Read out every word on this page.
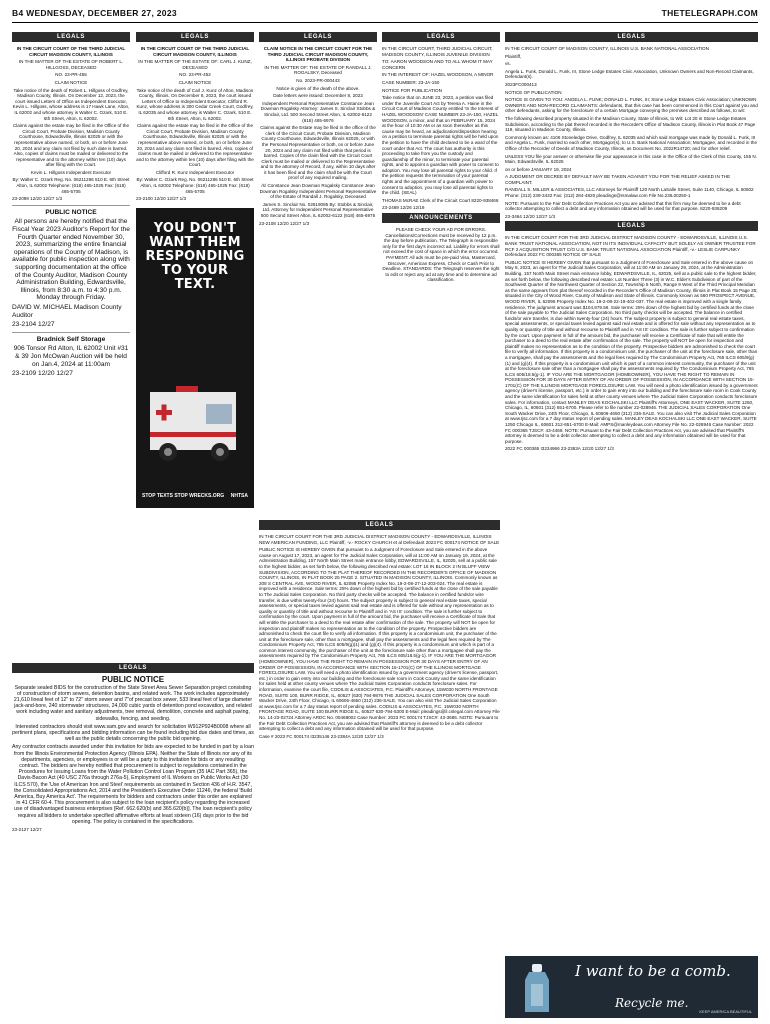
B4 WEDNESDAY, DECEMBER 27, 2023	THETELEGRAPH.COM
LEGALS

IN THE CIRCUIT COURT OF THE THIRD JUDICIAL CIRCUIT MADISON COUNTY, ILLINOIS

IN THE MATTER OF THE ESTATE OF ROBERT L. HILLGOSS, DECEASED

NO. 23-PR-455

CLAIM NOTICE

Take notice of the death of Robert L. Hillgoss of Godfrey, Madison County, Illinois. On December 12, 2023, the court issued Letters of Office as Independent Executor, Kevin L. Hillgoss, whose address is 17 Hawk Lane, Alton, IL 62002 and whose attorney is Walter C. Ozark, 510 E. 6th Street, Alton, IL 62002.

Claims against the estate may be filed in the Office of the Circuit Court, Probate Division, Madison County Courthouse, Edwardsville, Illinois 62025 or with the representative above named, or both, on or before June 20, 2024 and any claim not filed by such date is barred. Also, copies of claims must be mailed or delivered to the representative and to the attorney within ten (10) days after filing with the Court.

Kevin L. Hillgoss Independent Executor

By: Walter C. Ozark Reg. No. 06211286 510 E. 6th Street Alton, IL 62002 Telephone: (618) 465-1025 Fax: (618) 465-5705

23-2099 12/20 12/27 1/3

PUBLIC NOTICE

All persons are hereby notified that the Fiscal Year 2023 Auditor's Report for the Fourth Quarter ended November 30, 2023, summarizing the entire financial operations of the County of Madison, is available for public inspection along with supporting documentation at the office of the County Auditor, Madison County Administration Building, Edwardsville, Illinois, from 8:30 a.m. to 4:30 p.m. Monday through Friday.

DAVID W. MICHAEL Madison County Auditor

23-2104 12/27

Bradnick Self Storage

906 Tonsor Rd Alton, IL 62002 Unit #31 & 39 Jon McOwan Auction will be held on Jan.4, 2024 at 11:00am

23-2109 12/20 12/27

LEGALS

IN THE CIRCUIT COURT OF THE THIRD JUDICIAL CIRCUIT MADISON COUNTY, ILLINOIS

IN THE MATTER OF THE ESTATE OF: CARL J. KUNZ, DECEASED

NO. 23-PR-452

CLAIM NOTICE

Take notice of the death of Carl J. Kunz of Alton, Madison County, Illinois. On December 8, 2023, the court issued Letters of Office to Independent Executor, Clifford R. Kunz, whose address is 300 Cedar Creek Court, Godfrey, IL 62035 and whose attorney is Walter C. Ozark, 510 E. 6th Street, Alton, IL 62002.

Claims against the estate may be filed in the Office of the Circuit Court, Probate Division, Madison County Courthouse, Edwardsville, Illinois 62025 or with the representative above named, or both, on or before June 20, 2024 and any claim not filed is barred. Also, copies of claims must be mailed or delivered to the representative and to the attorney within ten (10) days after filing with the Court.

Clifford R. Kunz Independent Executor

By: Walter C. Ozark Reg. No. 06211286 510 E. 6th Street Alton, IL 62002 Telephone: (618) 465-1025 Fax: (618) 465-5705

23-2100 12/20 12/27 1/3

YOU DON'T WANT THEM RESPONDING TO YOUR TEXT.
STOP TEXTS STOP WRECKS.ORG NHTSA
LEGALS

CLAIM NOTICE IN THE CIRCUIT COURT FOR THE THIRD JUDICIAL CIRCUIT MADISON COUNTY, ILLINOIS PROBATE DIVISION

IN THE MATTER OF: THE ESTATE OF RANDALL J. ROGALSKY, Deceased

No. 2023-PR-000443

Notice is given of the death of the above.

Date letters were issued: December 8, 2023

Independent Personal Representative Constance Jean Dowman Rogalsky Attorney: James S. Sinclair Stobbs & Sinclair, Ltd. 500 Second Street Alton, IL 62002-6122 (618) 465-6976

Claims against the Estate may be filed in the office of the clerk of the Circuit Court, Probate Division, Madison County Courthouse, Edwardsville, Illinois 62025, or with the Personal Representative or both, on or before June 20, 2024 and any claim not filed within that period is barred. Copies of the claim filed with the Circuit Court Clerk must be mailed or delivered to the Representative and to the attorney of Record, if any, within 10 days after it has been filed and the claim shall be with the Court proof of any required mailing.

/s/ Constance Jean Dowman Rogalsky Constance Jean Dowman Rogalsky Independent Personal Representative of the Estate of Randall J. Rogalsky, Deceased

James S. Sinclair No. 02619085 By: Stobbs & Sinclair, Ltd. Attorney for Independent Personal Representative 500 Second Street Alton, IL 62002-6122 (618) 465-6976

23-2108 12/20 12/27 1/3

LEGALS

IN THE CIRCUIT COURT, THIRD JUDICIAL CIRCUIT, MADISON COUNTY, ILLINOIS JUVENILE DIVISION

TO: AARON WOODSON AND TO ALL WHOM IT MAY CONCERN

IN THE INTEREST OF: HAZEL WOODSON, A MINOR

CASE NUMBER: 23-JA-150

NOTICE FOR PUBLICATION

Take notice that on JUNE 23, 2023, a petition was filed under the Juvenile Court Act by Teresa A. Haine in the Circuit Court of Madison County entitled 'In the Interest of HAZEL WOODSON' CASE NUMBER 23-JA-150, HAZEL WOODSON, a minor, and that on FEBRUARY 15, 2024 at the hour of 10:30 AM or as soon thereafter as this cause may be heard, an adjudication/disposition hearing on a petition to terminate parental rights will be held upon the petition to have the child declared to be a ward of the court under that Act. The court has authority in this proceeding to take from you the custody and guardianship of the minor, to terminate your parental rights, and to appoint a guardian with power to consent to adoption. You may lose all parental rights to your child. If the petition requests the termination of your parental rights and the appointment of a guardian with power to consent to adoption, you may lose all parental rights to the child. (SEAL)

THOMAS McRAE Clerk of the Circuit Court 8220-938466

23-2469 12/26 12/19

ANNOUNCEMENTS

PLEASE CHECK YOUR AD FOR ERRORS. Cancellations/Corrections must be received by 12 p.m. the day before publication. The Telegraph is responsible only for the first day's incorrect ad. Liability for errors shall not exceed the cost of space in which the error occurred. PAYMENT: All ads must be pre-paid Visa, Mastercard, Discover, American Express, Check or Cash Prior to Deadline. STANDARDS: The Telegraph reserves the right to edit or reject any ad at any time and to determine ad classification.

LEGALS

IN THE CIRCUIT COURT FOR THE 3RD JUDICIAL DISTRICT MADISON COUNTY - EDWARDSVILLE, ILLINOIS NEW AMERICAN FUNDING, LLC Plaintiff, -v.- ROCKY CHURCH et al Defendant 2023 FC 000174 NOTICE OF SALE

PUBLIC NOTICE IS HEREBY GIVEN that pursuant to a Judgment of Foreclosure and Sale entered in the above cause on August 17, 2023, an agent for The Judicial Sales Corporation, will at 11:00 AM on January 19, 2024, at the Administration Building, 157 North Main Street main entrance lobby, EDWARDSVILLE, IL, 62025, sell at a public sale to the highest bidder, as set forth below, the following described real estate: LOT 16 IN BLOCK 2 IN BLUFF VIEW SUBDIVISION, ACCORDING TO THE PLAT THEREOF RECORDED IN THE RECORDER'S OFFICE OF MADISON COUNTY, ILLINOIS, IN PLAT BOOK 25 PAGE 2. SITUATED IN MADISON COUNTY, ILLINOIS. Commonly known as 208 S CENTRAL AVE, WOOD RIVER, IL 62095 Property Index No. 19-2-08-27-12-203-024. The real estate is improved with a residence. Sale terms: 25% down of the highest bid by certified funds at the close of the sale payable to The Judicial Sales Corporation. No third party checks will be accepted. The balance in certified funds/or wire transfer, is due within twenty-four (24) hours. The subject property is subject to general real estate taxes, special assessments, or special taxes levied against said real estate and is offered for sale without any representation as to quality or quantity of title and without recourse to Plaintiff and in 'AS IS' condition. The sale is further subject to confirmation by the court. Upon payment in full of the amount bid, the purchaser will receive a Certificate of Sale that will entitle the purchaser to a deed to the real estate after confirmation of the sale. The property will NOT be open for inspection and plaintiff makes no representation as to the condition of the property. Prospective bidders are admonished to check the court file to verify all information. If this property is a condominium unit, the purchaser of the unit at the foreclosure sale, other than a mortgagee, shall pay the assessments and the legal fees required by The Condominium Property Act, 765 ILCS 605/9(g)(1) and (g)(4). If this property is a condominium unit which is part of a common interest community, the purchaser of the unit at the foreclosure sale other than a mortgagee shall pay the assessments required by The Condominium Property Act, 765 ILCS 605/18.5(g-1). IF YOU ARE THE MORTGAGOR (HOMEOWNER), YOU HAVE THE RIGHT TO REMAIN IN POSSESSION FOR 30 DAYS AFTER ENTRY OF AN ORDER OF POSSESSION, IN ACCORDANCE WITH SECTION 15-1701(C) OF THE ILLINOIS MORTGAGE FORECLOSURE LAW. You will need a photo identification issued by a government agency (driver's license, passport, etc.) in order to gain entry into our building and the foreclosure sale room in Cook County and the same identification for sales held at other county venues where The Judicial Sales Corporation conducts foreclosure sales. For information, examine the court file, CODILIS & ASSOCIATES, P.C. Plaintiff's Attorneys, 15W030 NORTH FRONTAGE ROAD, SUITE 100, BURR RIDGE, IL, 60527 (630) 794-9876 THE JUDICIAL SALES CORPORATION One South Wacker Drive, 24th Floor, Chicago, IL 60606-4650 (312) 236-SALE. You can also visit The Judicial Sales Corporation at www.tjsc.com for a 7 day status report of pending sales. CODILIS & ASSOCIATES, P.C. 15W030 NORTH FRONTAGE ROAD, SUITE 100 BURR RIDGE IL, 60527 630-794-5300 E-Mail: pleadings@il.cslegal.com Attorney File No. 14-23-02724 Attorney ARDC No. 00468002 Case Number: 2023 FC 000174 TJSC#: 43-3685. NOTE: Pursuant to the Fair Debt Collection Practices Act, you are advised that Plaintiff's attorney is deemed to be a debt collector attempting to collect a debt and any information obtained will be used for that purpose.

Case # 2023 FC 000174 I3235146 23-2384A 12/20 12/27 1/3

LEGALS

PUBLIC NOTICE

Separate sealed BIDS for the construction of the State Street Area Sewer Separation project consisting of construction of storm sewers, detention basins, and related work. The work includes approximately 21,610 lineal feet of 12" to 72" storm sewer and 7"of precast box sewer, 533 lineal feet of large diameter jack-and-bore, 240 stormwater structures, 24,000 cubic yards of detention pond excavation, and related work including water and sanitary adjustments, tree removal, demolition, concrete and asphalt paving, sidewalks, fencing, and seeding.

Interested contractors should visit www.sam.gov and search for solicitation W912P924B0008 where all pertinent plans, specifications and bidding information can be found including bid due dates and times, as well as the public details concerning the public bid opening.

Any contractor contracts awarded under this invitation for bids are expected to be funded in part by a loan from the Illinois Environmental Protection Agency (Illinois EPA). Neither the State of Illinois nor any of its departments, agencies, or employees is or will be a party to this invitation for bids or any resulting contract. The bidders are hereby notified that procurement is subject to regulations contained in the Procedures for Issuing Loans from the Water Pollution Control Loan Program (35 IAC Part 365), the Davis-Bacon Act (40 USC 276a through 276a-5), Employment of IL Workers on Public Works Act (30 ILCS 570), the 'Use of American Iron and Steel' requirements as contained in Section 436 of H.R. 3547, the Consolidated Appropriations Act, 2014 and the President's Executive Order 11246, the federal 'Build America, Buy America Act'. The requirements for bidders and contractors under this order are explained in 41 CFR 60-4. This procurement is also subject to the loan recipient's policy regarding the increased use of disadvantaged business enterprises [Ref. 662.620(b) and 365.620(b)]. The loan recipient's policy requires all bidders to undertake specified affirmative efforts at least sixteen (16) days prior to the bid opening. The policy is contained in the specifications.

23-2127 12/27

LEGALS

IN THE CIRCUIT COURT OF MADISON COUNTY, ILLINOIS U.S. BANK NATIONAL ASSOCIATION

Plaintiff,

vs.

Angela L. Funk, Donald L. Funk, III, Stone Ledge Estates Civic Association, Unknown Owners and Non-Record Claimants, Defendant(s).

2023FC000413

NOTICE OF PUBLICATION

NOTICE IS GIVEN TO YOU: ANGELA L. FUNK; DONALD L. FUNK, III; Stone Ledge Estates Civic Association; UNKNOWN OWNERS AND NON-RECORD CLAIMANTS: defendants, that this case has been commenced in this Court against you and other defendants, asking for the foreclosure of a certain Mortgage conveying the premises described as follows, to wit:

The following described property situated in the Madison County, State of Illinois, to Wit: Lot 20 in Stone Ledge Estates Subdivision, according to the plat thereof recorded in the Recorder's Office of Madison County, Illinois in Plat Book 47 Page 119, situated in Madison County, Illinois.

Commonly known as: 4106 Stoneledge Drive, Godfrey, IL 62035 and which said mortgage was made by Donald L. Funk, III and Angela L. Funk, married to each other, Mortgagor(s), to U.S. Bank National Association; Mortgagee, and recorded in the Office of the Recorder of Deeds of Madison County, Illinois, as Document No. 2022R14720; and for other relief.

UNLESS YOU file your answer or otherwise file your appearance in this case in the Office of the Clerk of this County, 155 N. Main, Edwardsville, IL 62025

on or before JANUARY 19, 2024

A JUDGMENT OR DECREE BY DEFAULT MAY BE TAKEN AGAINST YOU FOR THE RELIEF ASKED IN THE COMPLAINT.

RANDALL S. MILLER & ASSOCIATES, LLC Attorneys for Plaintiff 120 North LaSalle Street, Suite 1140, Chicago, IL 60602 Phone: (312) 239-3432 Fax: (312) 284-4820 pleadings@rsmalaw.com File No.23IL00250-1

NOTE: Pursuant to the Fair Debt Collection Practices Act you are advised that this firm may be deemed to be a debt collector attempting to collect a debt and any information obtained will be used for that purpose. 8220-936209

23-3464 12/20 12/27 1/3

LEGALS

IN THE CIRCUIT COURT FOR THE 3RD JUDICIAL DISTRICT MADISON COUNTY - EDWARDSVILLE, ILLINOIS U.S. BANK TRUST NATIONAL ASSOCIATION, NOT IN ITS INDIVIDUAL CAPACITY BUT SOLELY AS OWNER TRUSTEE FOR RCF 2 ACQUISITION TRUST C/O U.S. BANK TRUST NATIONAL ASSOCIATION Plaintiff, -v.- LESLIE CARPUNKY Defendant 2022 FC 000365 NOTICE OF SALE

PUBLIC NOTICE IS HEREBY GIVEN that pursuant to a Judgment of Foreclosure and Sale entered in the above cause on May 8, 2023, an agent for The Judicial Sales Corporation, will at 11:00 AM on January 29, 2024, at the Administration Building, 157 North Main Street main entrance lobby, EDWARDSVILLE, IL, 62025, sell at a public sale to the highest bidder, as set forth below, the following described real estate: Lot Number Three (3) in W.C. Elder's Subdivision of part of the Southwest Quarter of the Northwest Quarter of Section 22, Township 5 North, Range 9 West of the Third Principal Meridian as the same appears from plat thereof recorded in the Recorder's Office of Madison County, Illinois in Plat Book 15 Page 25; situated in the City of Wood River, County of Madison and State of Illinois. Commonly known as 560 PROSPECT AVENUE, WOOD RIVER, IL 62095 Property Index No. 19-2-08-22-19-402-037. The real estate is improved with a single family residence. The judgment amount was $104,979.56. Sale terms: 25% down of the highest bid by certified funds at the close of the sale payable to The Judicial Sales Corporation. No third party checks will be accepted. The balance in certified funds/or wire transfer, is due within twenty-four (24) hours. The subject property is subject to general real estate taxes, special assessments, or special taxes levied against said real estate and is offered for sale without any representation as to quality or quantity of title and without recourse to Plaintiff and in 'AS IS' condition. The sale is further subject to confirmation by the court. Upon payment in full of the amount bid, the purchaser will receive a Certificate of Sale that will entitle the purchaser to a deed to the real estate after confirmation of the sale. The property will NOT be open for inspection and plaintiff makes no representation as to the condition of the property. Prospective bidders are admonished to check the court file to verify all information. If this property is a condominium unit, the purchaser of the unit at the foreclosure sale, other than a mortgagee, shall pay the assessments and the legal fees required by The Condominium Property Act, 765 ILCS 605/9(g)(1) and (g)(4). If this property is a condominium unit which is part of a common interest community, the purchaser of the unit at the foreclosure sale other than a mortgagee shall pay the assessments required by The Condominium Property Act, 765 ILCS 605/18.5(g-1). IF YOU ARE THE MORTGAGOR (HOMEOWNER), YOU HAVE THE RIGHT TO REMAIN IN POSSESSION FOR 30 DAYS AFTER ENTRY OF AN ORDER OF POSSESSION, IN ACCORDANCE WITH SECTION 15-1701(C) OF THE ILLINOIS MORTGAGE FORECLOSURE LAW. You will need a photo identification issued by a government agency (driver's license, passport, etc.) in order to gain entry into our building and the foreclosure sale room in Cook County and the same identification for sales held at other county venues where The Judicial Sales Corporation conducts foreclosure sales. For information, contact MANLEY DEAS KOCHALSKI LLC Plaintiff's Attorneys, ONE EAST WACKER, SUITE 1250, Chicago, IL, 60601 (312) 651-6700. Please refer to file number 22-028946. THE JUDICIAL SALES CORPORATION One South Wacker Drive, 24th Floor, Chicago, IL 60606-4650 (312) 236-SALE. You can also visit The Judicial Sales Corporation at www.tjsc.com for a 7 day status report of pending sales. MANLEY DEAS KOCHALSKI LLC ONE EAST WACKER, SUITE 1250 Chicago IL, 60601 312-651-6700 E-Mail: AMPS@manleydeas.com Attorney File No. 22-028946 Case Number: 2022 FC 000365 TJSC#: 43-4469. NOTE: Pursuant to the Fair Debt Collection Practices Act, you are advised that Plaintiff's attorney is deemed to be a debt collector attempting to collect a debt and any information obtained will be used for that purpose.

2022 FC 000365 I3234966 23-2383A 12/20 12/27 1/3

I want to be a comb.
Recycle me.
KEEP AMERICA BEAUTIFUL
